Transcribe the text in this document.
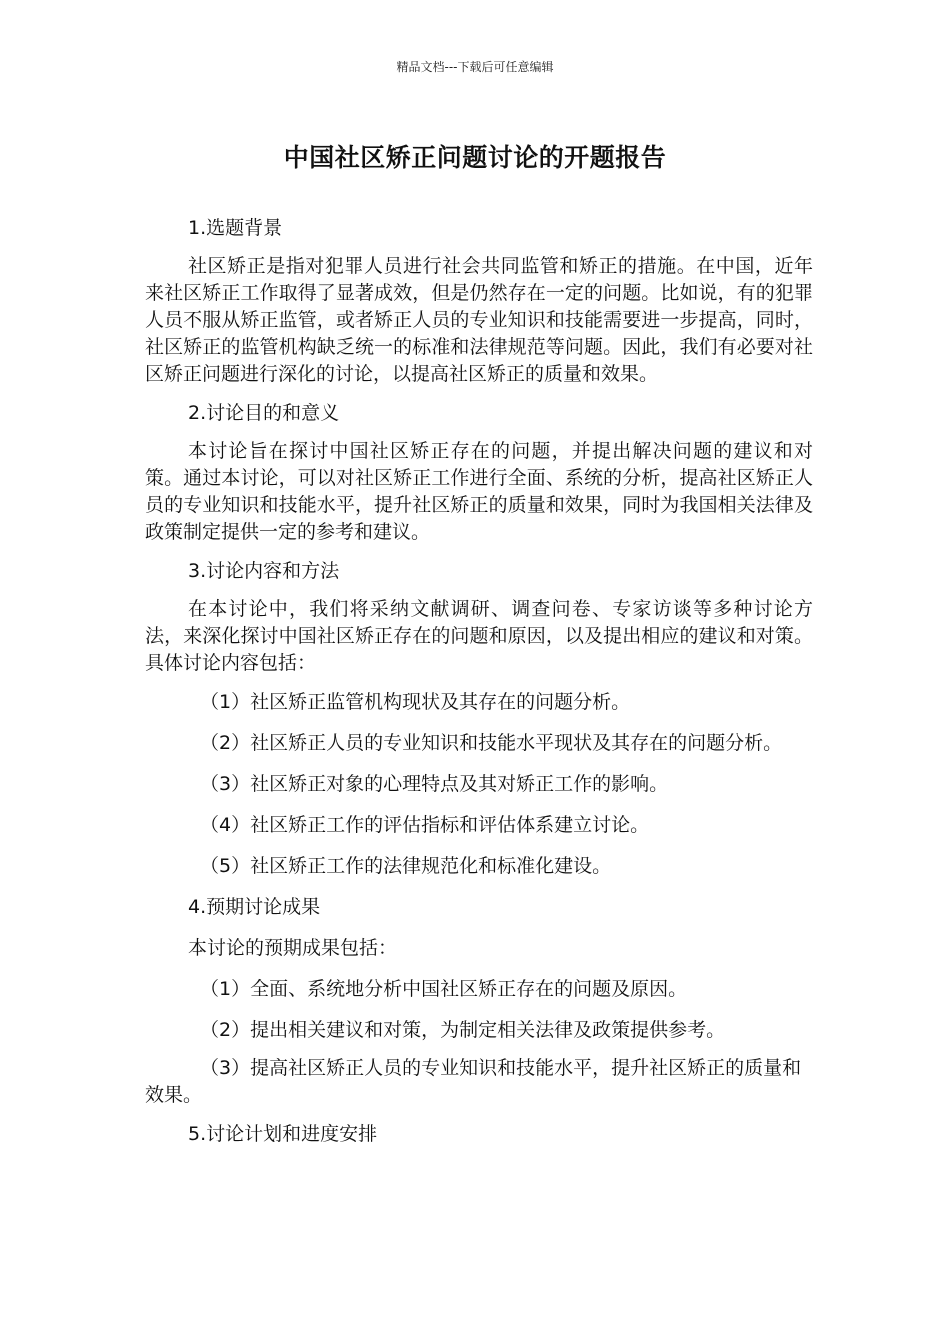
精品文档---下载后可任意编辑
中国社区矫正问题讨论的开题报告
1.选题背景
社区矫正是指对犯罪人员进行社会共同监管和矫正的措施。在中国，近年来社区矫正工作取得了显著成效，但是仍然存在一定的问题。比如说，有的犯罪人员不服从矫正监管，或者矫正人员的专业知识和技能需要进一步提高，同时，社区矫正的监管机构缺乏统一的标准和法律规范等问题。因此，我们有必要对社区矫正问题进行深化的讨论，以提高社区矫正的质量和效果。
2.讨论目的和意义
本讨论旨在探讨中国社区矫正存在的问题，并提出解决问题的建议和对策。通过本讨论，可以对社区矫正工作进行全面、系统的分析，提高社区矫正人员的专业知识和技能水平，提升社区矫正的质量和效果，同时为我国相关法律及政策制定提供一定的参考和建议。
3.讨论内容和方法
在本讨论中，我们将采纳文献调研、调查问卷、专家访谈等多种讨论方法，来深化探讨中国社区矫正存在的问题和原因，以及提出相应的建议和对策。具体讨论内容包括：
（1）社区矫正监管机构现状及其存在的问题分析。
（2）社区矫正人员的专业知识和技能水平现状及其存在的问题分析。
（3）社区矫正对象的心理特点及其对矫正工作的影响。
（4）社区矫正工作的评估指标和评估体系建立讨论。
（5）社区矫正工作的法律规范化和标准化建设。
4.预期讨论成果
本讨论的预期成果包括：
（1）全面、系统地分析中国社区矫正存在的问题及原因。
（2）提出相关建议和对策，为制定相关法律及政策提供参考。
（3）提高社区矫正人员的专业知识和技能水平，提升社区矫正的质量和效果。
5.讨论计划和进度安排
